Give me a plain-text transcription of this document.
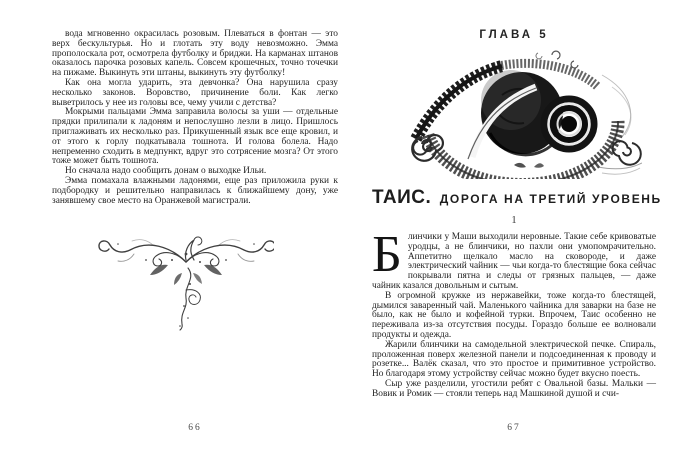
вода мгновенно окрасилась розовым. Плеваться в фонтан — это верх бескультурья. Но и глотать эту воду невозможно. Эмма прополоскала рот, осмотрела футболку и бриджи. На карманах штанов оказалось парочка розовых капель. Совсем крошечных, точно точечки на пижаме. Выкинуть эти штаны, выкинуть эту футболку!

Как она могла ударить, эта девчонка? Она нарушила сразу несколько законов. Воровство, причинение боли. Как легко выветрилось у нее из головы все, чему учили с детства?

Мокрыми пальцами Эмма заправила волосы за уши — отдельные прядки прилипали к ладоням и непослушно лезли в лицо. Пришлось приглаживать их несколько раз. Прикушенный язык все еще кровил, и от этого к горлу подкатывала тошнота. И голова болела. Надо непременно сходить в медпункт, вдруг это сотрясение мозга? От этого тоже может быть тошнота.

Но сначала надо сообщить донам о выходке Ильи.

Эмма помахала влажными ладонями, еще раз приложила руки к подбородку и решительно направилась к ближайшему дону, уже занявшему свое место на Оранжевой магистрали.

66
ГЛАВА 5
ТАИС. ДОРОГА НА ТРЕТИЙ УРОВЕНЬ
1

Блинчики у Маши выходили неровные. Такие себе кривоватые уродцы, а не блинчики, но пахли они умопомрачительно. Аппетитно щелкало масло на сковороде, и даже электрический чайник — чьи когда-то блестящие бока сейчас покрывали пятна и следы от грязных пальцев, — даже чайник казался довольным и сытым.

В огромной кружке из нержавейки, тоже когда-то блестящей, дымился заваренный чай. Маленького чайника для заварки на базе не было, как не было и кофейной турки. Впрочем, Таис особенно не переживала из-за отсутствия посуды. Гораздо больше ее волновали продукты и одежда.

Жарили блинчики на самодельной электрической печке. Спираль, проложенная поверх железной панели и подсоединенная к проводу и розетке... Валёк сказал, что это простое и примитивное устройство. Но благодаря этому устройству сейчас можно будет вкусно поесть.

Сыр уже разделили, угостили ребят с Овальной базы. Мальки — Вовик и Ромик — стояли теперь над Машкиной душой и счи-

67
